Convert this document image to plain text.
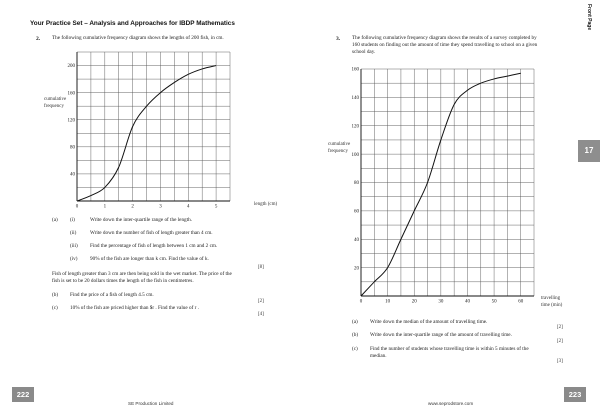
Your Practice Set – Analysis and Approaches for IBDP Mathematics	Front Page
17
2. The following cumulative frequency diagram shows the lengths of 200 fish, in cm.
200
160
120
80
40
0	1	2	3	4	5
cumulative
frequency
length (cm)
(a) (i)	Write down the inter-quartile range of the length.
(ii)	Write down the number of fish of length greater than 4 cm.
(iii) Find the percentage of fish of length between 1 cm and 2 cm.
(iv) 90% of the fish are longer than k cm. Find the value of k.
[8]
Fish of length greater than 3 cm are then being sold in the wet market. The price of the
fish is set to be 20 dollars times the length of the fish in centimetres.
(b) Find the price of a fish of length 4.5 cm.
[2]
(c) 10% of the fish are priced higher than $r . Find the value of r .
[4]
3. The following cumulative frequency diagram shows the results of a survey completed by
160 students on finding out the amount of time they spend travelling to school on a given
school day.
160
140
120
100
80
60
40
20
0	10	20	30	40	50	60
cumulative
frequency
travelling
time (min)
(a) Write down the median of the amount of travelling time.
[2]
(b) Write down the inter-quartile range of the amount of travelling time.
[2]
(c) Find the number of students whose travelling time is within 5 minutes of the
median.
[3]
222	223
SE Production Limited	www.seprodstore.com
